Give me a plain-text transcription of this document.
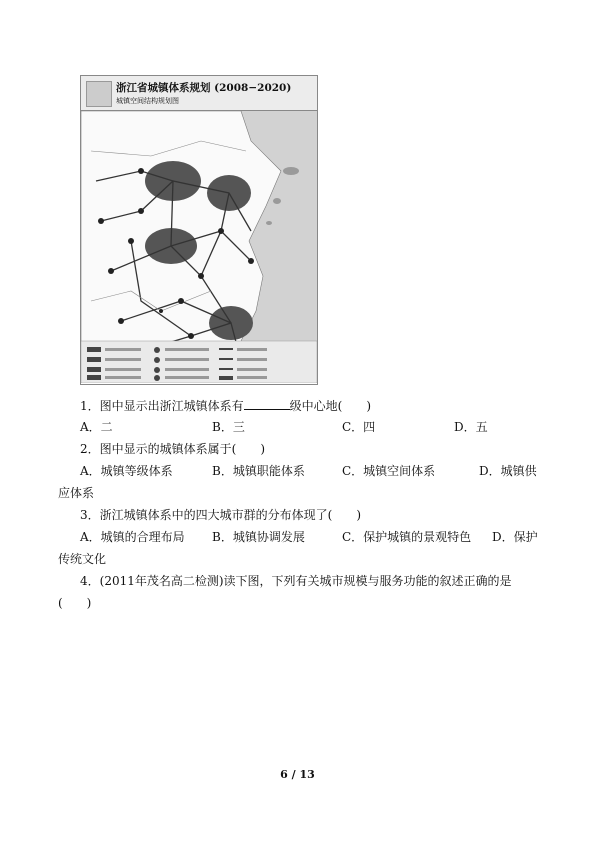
浙江省城镇体系规划 (2008−2020)
城镇空间结构规划图
1．图中显示出浙江城镇体系有	级中心地(　　)
A．二	B．三	C．四	D．五
2．图中显示的城镇体系属于(　　)
A．城镇等级体系	B．城镇职能体系	C．城镇空间体系	D．城镇供
应体系
3．浙江城镇体系中的四大城市群的分布体现了(　　)
A．城镇的合理布局 B．城镇协调发展	C．保护城镇的景观特色 D．保护
传统文化
4．(2011年茂名高二检测)读下图，下列有关城市规模与服务功能的叙述正确的是
(　　)
6 / 13
